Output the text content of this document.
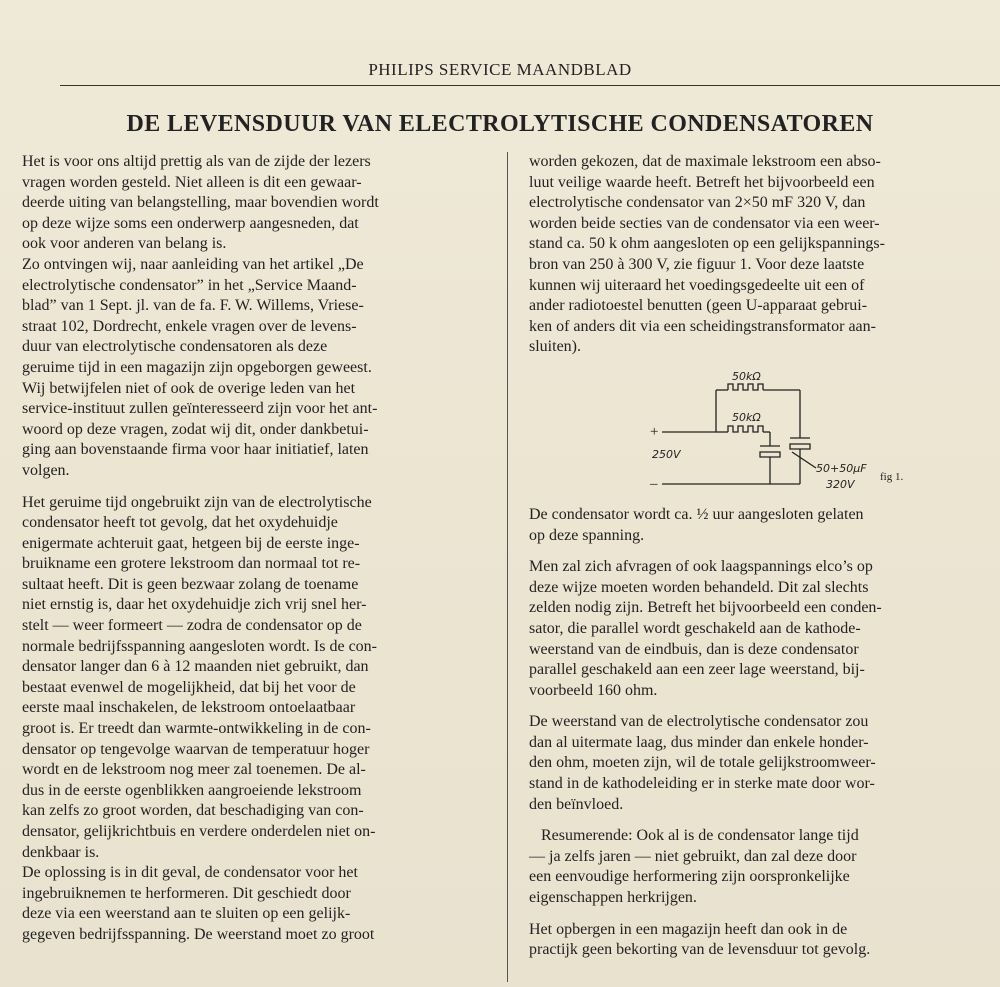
PHILIPS SERVICE MAANDBLAD
DE LEVENSDUUR VAN ELECTROLYTISCHE CONDENSATOREN
Het is voor ons altijd prettig als van de zijde der lezers
vragen worden gesteld. Niet alleen is dit een gewaar-
deerde uiting van belangstelling, maar bovendien wordt
op deze wijze soms een onderwerp aangesneden, dat
ook voor anderen van belang is.
Zo ontvingen wij, naar aanleiding van het artikel „De
electrolytische condensator” in het „Service Maand-
blad” van 1 Sept. jl. van de fa. F. W. Willems, Vriese-
straat 102, Dordrecht, enkele vragen over de levens-
duur van electrolytische condensatoren als deze
geruime tijd in een magazijn zijn opgeborgen geweest.
Wij betwijfelen niet of ook de overige leden van het
service-instituut zullen geïnteresseerd zijn voor het ant-
woord op deze vragen, zodat wij dit, onder dankbetui-
ging aan bovenstaande firma voor haar initiatief, laten
volgen.
Het geruime tijd ongebruikt zijn van de electrolytische
condensator heeft tot gevolg, dat het oxydehuidje
enigermate achteruit gaat, hetgeen bij de eerste inge-
bruikname een grotere lekstroom dan normaal tot re-
sultaat heeft. Dit is geen bezwaar zolang de toename
niet ernstig is, daar het oxydehuidje zich vrij snel her-
stelt — weer formeert — zodra de condensator op de
normale bedrijfsspanning aangesloten wordt. Is de con-
densator langer dan 6 à 12 maanden niet gebruikt, dan
bestaat evenwel de mogelijkheid, dat bij het voor de
eerste maal inschakelen, de lekstroom ontoelaatbaar
groot is. Er treedt dan warmte-ontwikkeling in de con-
densator op tengevolge waarvan de temperatuur hoger
wordt en de lekstroom nog meer zal toenemen. De al-
dus in de eerste ogenblikken aangroeiende lekstroom
kan zelfs zo groot worden, dat beschadiging van con-
densator, gelijkrichtbuis en verdere onderdelen niet on-
denkbaar is.
De oplossing is in dit geval, de condensator voor het
ingebruiknemen te herformeren. Dit geschiedt door
deze via een weerstand aan te sluiten op een gelijk-
gegeven bedrijfsspanning. De weerstand moet zo groot
worden gekozen, dat de maximale lekstroom een abso-
luut veilige waarde heeft. Betreft het bijvoorbeeld een
electrolytische condensator van 2×50 mF 320 V, dan
worden beide secties van de condensator via een weer-
stand ca. 50 k ohm aangesloten op een gelijkspannings-
bron van 250 à 300 V, zie figuur 1. Voor deze laatste
kunnen wij uiteraard het voedingsgedeelte uit een of
ander radiotoestel benutten (geen U-apparaat gebrui-
ken of anders dit via een scheidingstransformator aan-
sluiten).
De condensator wordt ca. ½ uur aangesloten gelaten
op deze spanning.
Men zal zich afvragen of ook laagspannings elco’s op
deze wijze moeten worden behandeld. Dit zal slechts
zelden nodig zijn. Betreft het bijvoorbeeld een conden-
sator, die parallel wordt geschakeld aan de kathode-
weerstand van de eindbuis, dan is deze condensator
parallel geschakeld aan een zeer lage weerstand, bij-
voorbeeld 160 ohm.
De weerstand van de electrolytische condensator zou
dan al uitermate laag, dus minder dan enkele honder-
den ohm, moeten zijn, wil de totale gelijkstroomweer-
stand in de kathodeleiding er in sterke mate door wor-
den beïnvloed.
Resumerende: Ook al is de condensator lange tijd
— ja zelfs jaren — niet gebruikt, dan zal deze door
een eenvoudige herformering zijn oorspronkelijke
eigenschappen herkrijgen.
Het opbergen in een magazijn heeft dan ook in de
practijk geen bekorting van de levensduur tot gevolg.
50kΩ
50kΩ
+
250V
–
50+50μF
320V
fig 1.
